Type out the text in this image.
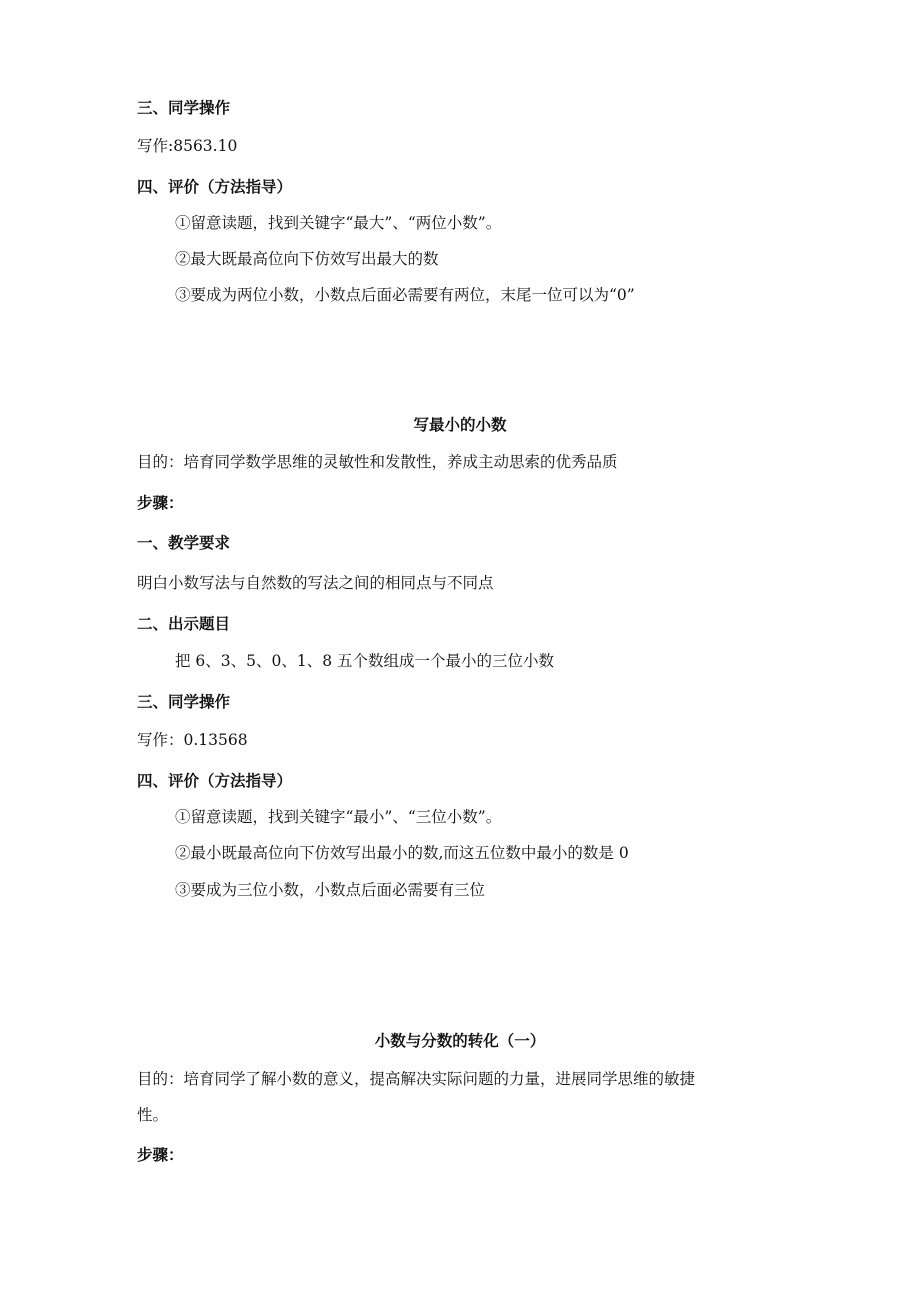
三、同学操作
写作:8563.10
四、评价（方法指导）
①留意读题，找到关键字“最大”、“两位小数”。
②最大既最高位向下仿效写出最大的数
③要成为两位小数，小数点后面必需要有两位，末尾一位可以为“0”
写最小的小数
目的：培育同学数学思维的灵敏性和发散性，养成主动思索的优秀品质
步骤：
一、教学要求
明白小数写法与自然数的写法之间的相同点与不同点
二、出示题目
把 6、3、5、0、1、8 五个数组成一个最小的三位小数
三、同学操作
写作：0.13568
四、评价（方法指导）
①留意读题，找到关键字“最小”、“三位小数”。
②最小既最高位向下仿效写出最小的数,而这五位数中最小的数是 0
③要成为三位小数，小数点后面必需要有三位
小数与分数的转化（一）
目的：培育同学了解小数的意义，提高解决实际问题的力量，进展同学思维的敏捷
性。
步骤：
